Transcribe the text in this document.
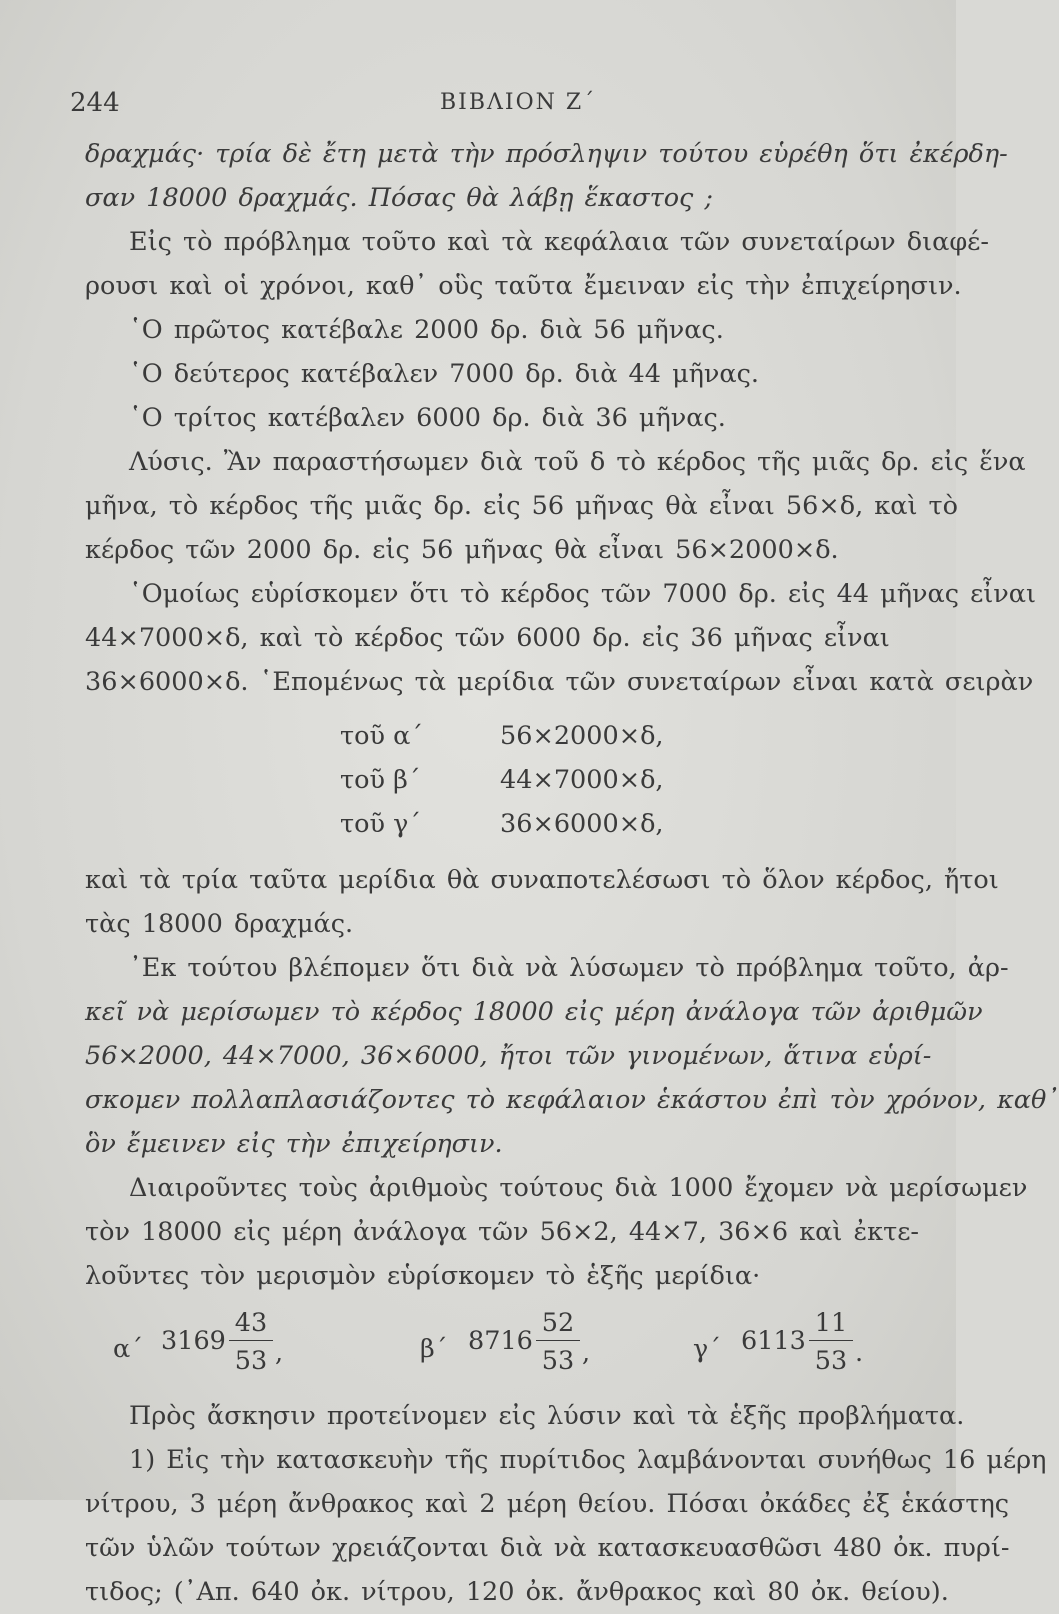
244	ΒΙΒΛΙΟΝ Ζ΄
δραχμάς· τρία δὲ ἔτη μετὰ τὴν πρόσληψιν τούτου εὑρέθη ὅτι ἐκέρδη-
σαν 18000 δραχμάς. Πόσας θὰ λάβῃ ἕκαστος ;
Εἰς τὸ πρόβλημα τοῦτο καὶ τὰ κεφάλαια τῶν συνεταίρων διαφέ-
ρουσι καὶ οἱ χρόνοι, καθ᾿ οὓς ταῦτα ἔμειναν εἰς τὴν ἐπιχείρησιν.
῾Ο πρῶτος κατέβαλε 2000 δρ. διὰ 56 μῆνας.
῾Ο δεύτερος κατέβαλεν 7000 δρ. διὰ 44 μῆνας.
῾Ο τρίτος κατέβαλεν 6000 δρ. διὰ 36 μῆνας.
Λύσις. Ἂν παραστήσωμεν διὰ τοῦ δ τὸ κέρδος τῆς μιᾶς δρ. εἰς ἕνα
μῆνα, τὸ κέρδος τῆς μιᾶς δρ. εἰς 56 μῆνας θὰ εἶναι 56×δ, καὶ τὸ
κέρδος τῶν 2000 δρ. εἰς 56 μῆνας θὰ εἶναι 56×2000×δ.
῾Ομοίως εὑρίσκομεν ὅτι τὸ κέρδος τῶν 7000 δρ. εἰς 44 μῆνας εἶναι
44×7000×δ, καὶ τὸ κέρδος τῶν 6000 δρ. εἰς 36 μῆνας εἶναι
36×6000×δ. ῾Επομένως τὰ μερίδια τῶν συνεταίρων εἶναι κατὰ σειρὰν
τοῦ α΄	56×2000×δ,
τοῦ β΄	44×7000×δ,
τοῦ γ΄	36×6000×δ,
καὶ τὰ τρία ταῦτα μερίδια θὰ συναποτελέσωσι τὸ ὅλον κέρδος, ἤτοι
τὰς 18000 δραχμάς.
᾿Εκ τούτου βλέπομεν ὅτι διὰ νὰ λύσωμεν τὸ πρόβλημα τοῦτο, ἀρ-
κεῖ νὰ μερίσωμεν τὸ κέρδος 18000 εἰς μέρη ἀνάλογα τῶν ἀριθμῶν
56×2000, 44×7000, 36×6000, ἤτοι τῶν γινομένων, ἅτινα εὑρί-
σκομεν πολλαπλασιάζοντες τὸ κεφάλαιον ἑκάστου ἐπὶ τὸν χρόνον, καθ᾿
ὃν ἔμεινεν εἰς τὴν ἐπιχείρησιν.
Διαιροῦντες τοὺς ἀριθμοὺς τούτους διὰ 1000 ἔχομεν νὰ μερίσωμεν
τὸν 18000 εἰς μέρη ἀνάλογα τῶν 56×2, 44×7, 36×6 καὶ ἐκτε-
λοῦντες τὸν μερισμὸν εὑρίσκομεν τὸ ἑξῆς μερίδια·
α΄ $3169 \frac{43}{53}$ ,	β΄ $8716 \frac{52}{53}$ ,	γ΄ $6113 \frac{11}{53}$ .
Πρὸς ἄσκησιν προτείνομεν εἰς λύσιν καὶ τὰ ἑξῆς προβλήματα.
1) Εἰς τὴν κατασκευὴν τῆς πυρίτιδος λαμβάνονται συνήθως 16 μέρη
νίτρου, 3 μέρη ἄνθρακος καὶ 2 μέρη θείου. Πόσαι ὀκάδες ἐξ ἑκάστης
τῶν ὑλῶν τούτων χρειάζονται διὰ νὰ κατασκευασθῶσι 480 ὀκ. πυρί-
τιδος; (᾿Απ. 640 ὀκ. νίτρου, 120 ὀκ. ἄνθρακος καὶ 80 ὀκ. θείου).
